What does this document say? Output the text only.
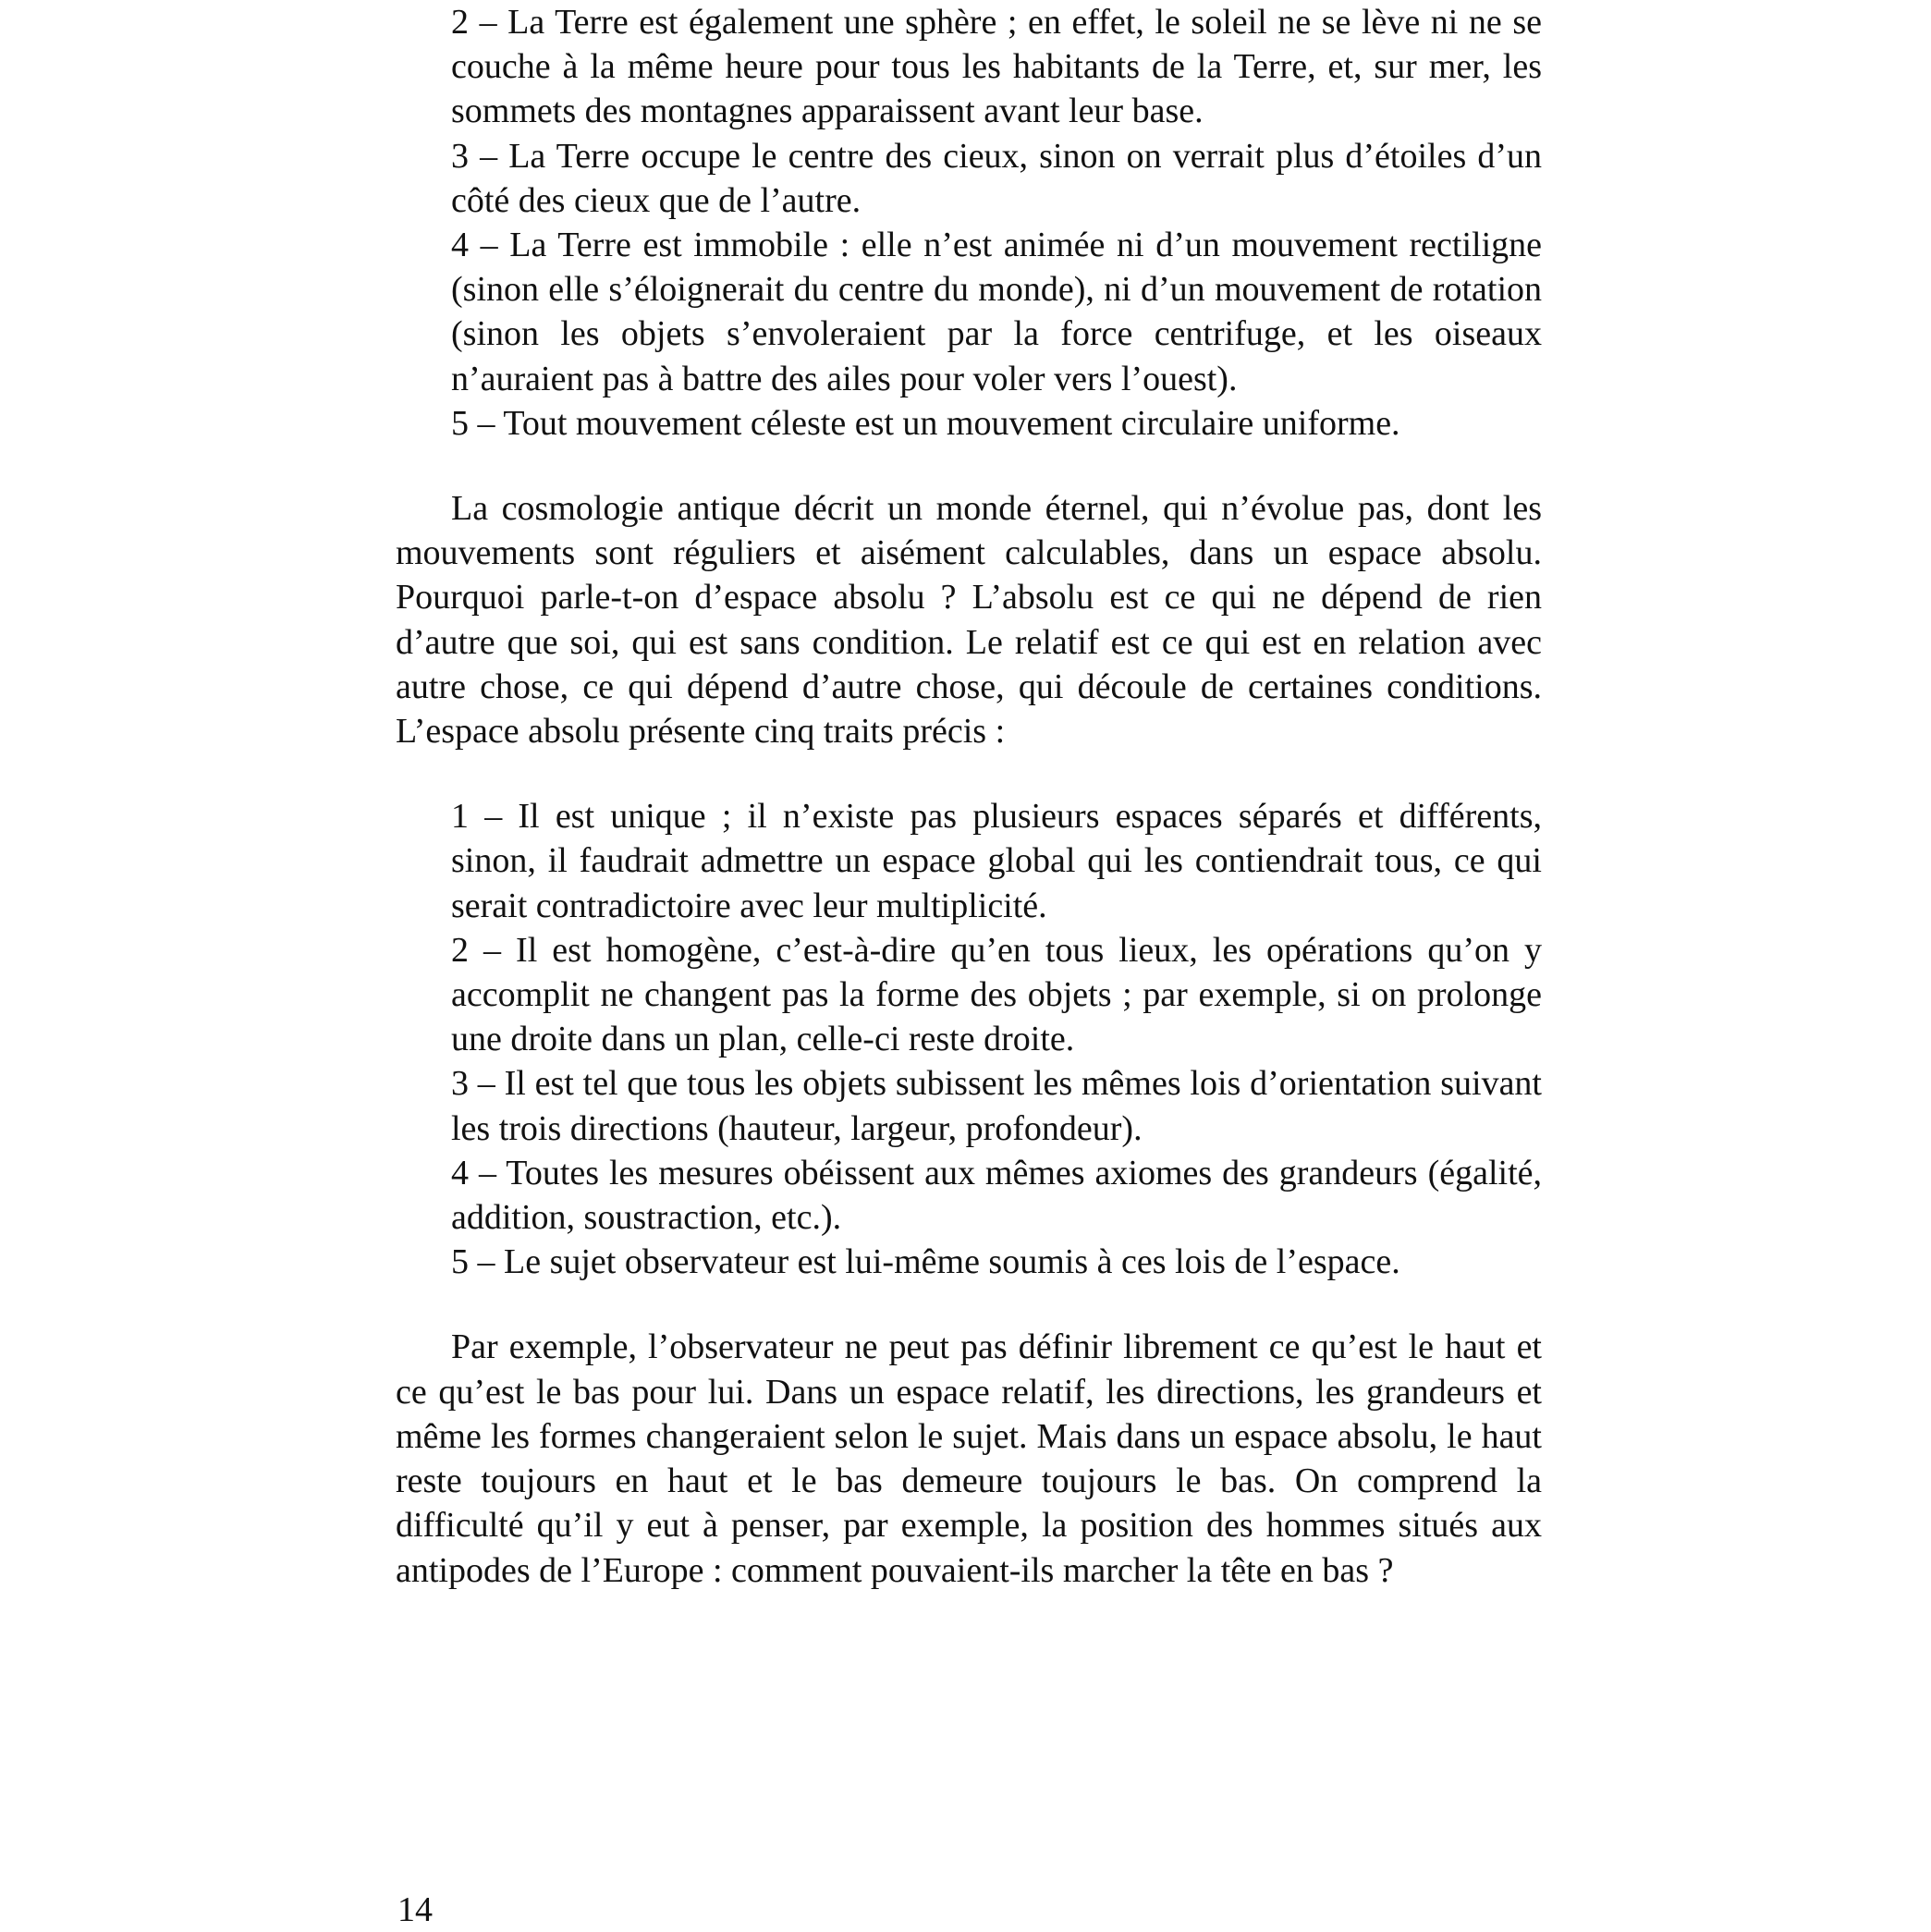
2 – La Terre est également une sphère ; en effet, le soleil ne se lève ni ne se couche à la même heure pour tous les habitants de la Terre, et, sur mer, les sommets des montagnes apparaissent avant leur base.

3 – La Terre occupe le centre des cieux, sinon on verrait plus d’étoiles d’un côté des cieux que de l’autre.

4 – La Terre est immobile : elle n’est animée ni d’un mouvement rectiligne (sinon elle s’éloignerait du centre du monde), ni d’un mouvement de rotation (sinon les objets s’envoleraient par la force centrifuge, et les oiseaux n’auraient pas à battre des ailes pour voler vers l’ouest).

5 – Tout mouvement céleste est un mouvement circulaire uniforme.

La cosmologie antique décrit un monde éternel, qui n’évolue pas, dont les mouvements sont réguliers et aisément calculables, dans un espace absolu. Pourquoi parle-t-on d’espace absolu ? L’absolu est ce qui ne dépend de rien d’autre que soi, qui est sans condition. Le relatif est ce qui est en relation avec autre chose, ce qui dépend d’autre chose, qui découle de certaines conditions. L’espace absolu présente cinq traits précis :

1 – Il est unique ; il n’existe pas plusieurs espaces séparés et différents, sinon, il faudrait admettre un espace global qui les contiendrait tous, ce qui serait contradictoire avec leur multiplicité.

2 – Il est homogène, c’est-à-dire qu’en tous lieux, les opérations qu’on y accomplit ne changent pas la forme des objets ; par exemple, si on prolonge une droite dans un plan, celle-ci reste droite.

3 – Il est tel que tous les objets subissent les mêmes lois d’orientation suivant les trois directions (hauteur, largeur, profondeur).

4 – Toutes les mesures obéissent aux mêmes axiomes des grandeurs (égalité, addition, soustraction, etc.).

5 – Le sujet observateur est lui-même soumis à ces lois de l’espace.

Par exemple, l’observateur ne peut pas définir librement ce qu’est le haut et ce qu’est le bas pour lui. Dans un espace relatif, les directions, les grandeurs et même les formes changeraient selon le sujet. Mais dans un espace absolu, le haut reste toujours en haut et le bas demeure toujours le bas. On comprend la difficulté qu’il y eut à penser, par exemple, la position des hommes situés aux antipodes de l’Europe : comment pouvaient-ils marcher la tête en bas ?

14
